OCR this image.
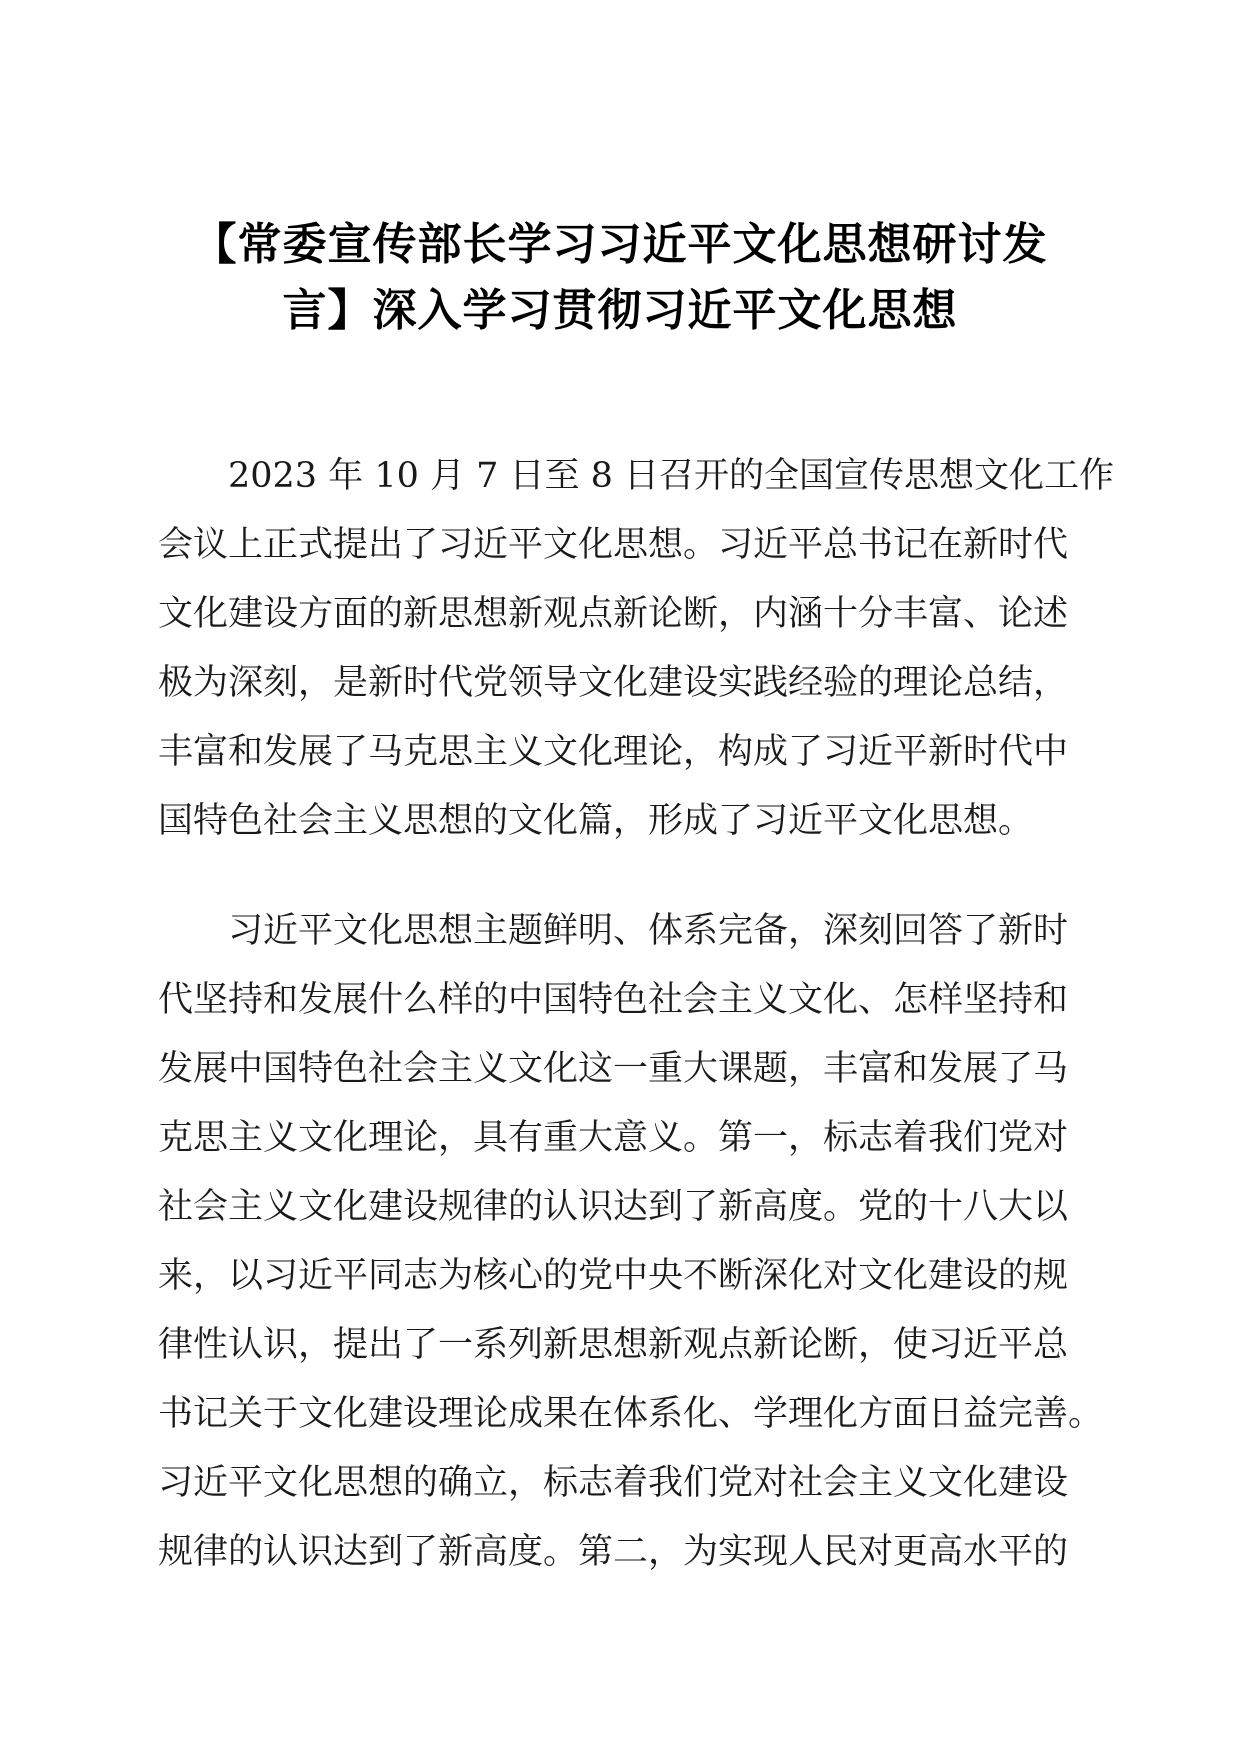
【常委宣传部长学习习近平文化思想研讨发
言】深入学习贯彻习近平文化思想

　　2023 年 10 月 7 日至 8 日召开的全国宣传思想文化工作
会议上正式提出了习近平文化思想。习近平总书记在新时代
文化建设方面的新思想新观点新论断，内涵十分丰富、论述
极为深刻，是新时代党领导文化建设实践经验的理论总结，
丰富和发展了马克思主义文化理论，构成了习近平新时代中
国特色社会主义思想的文化篇，形成了习近平文化思想。

　　习近平文化思想主题鲜明、体系完备，深刻回答了新时
代坚持和发展什么样的中国特色社会主义文化、怎样坚持和
发展中国特色社会主义文化这一重大课题，丰富和发展了马
克思主义文化理论，具有重大意义。第一，标志着我们党对
社会主义文化建设规律的认识达到了新高度。党的十八大以
来，以习近平同志为核心的党中央不断深化对文化建设的规
律性认识，提出了一系列新思想新观点新论断，使习近平总
书记关于文化建设理论成果在体系化、学理化方面日益完善。
习近平文化思想的确立，标志着我们党对社会主义文化建设
规律的认识达到了新高度。第二，为实现人民对更高水平的
